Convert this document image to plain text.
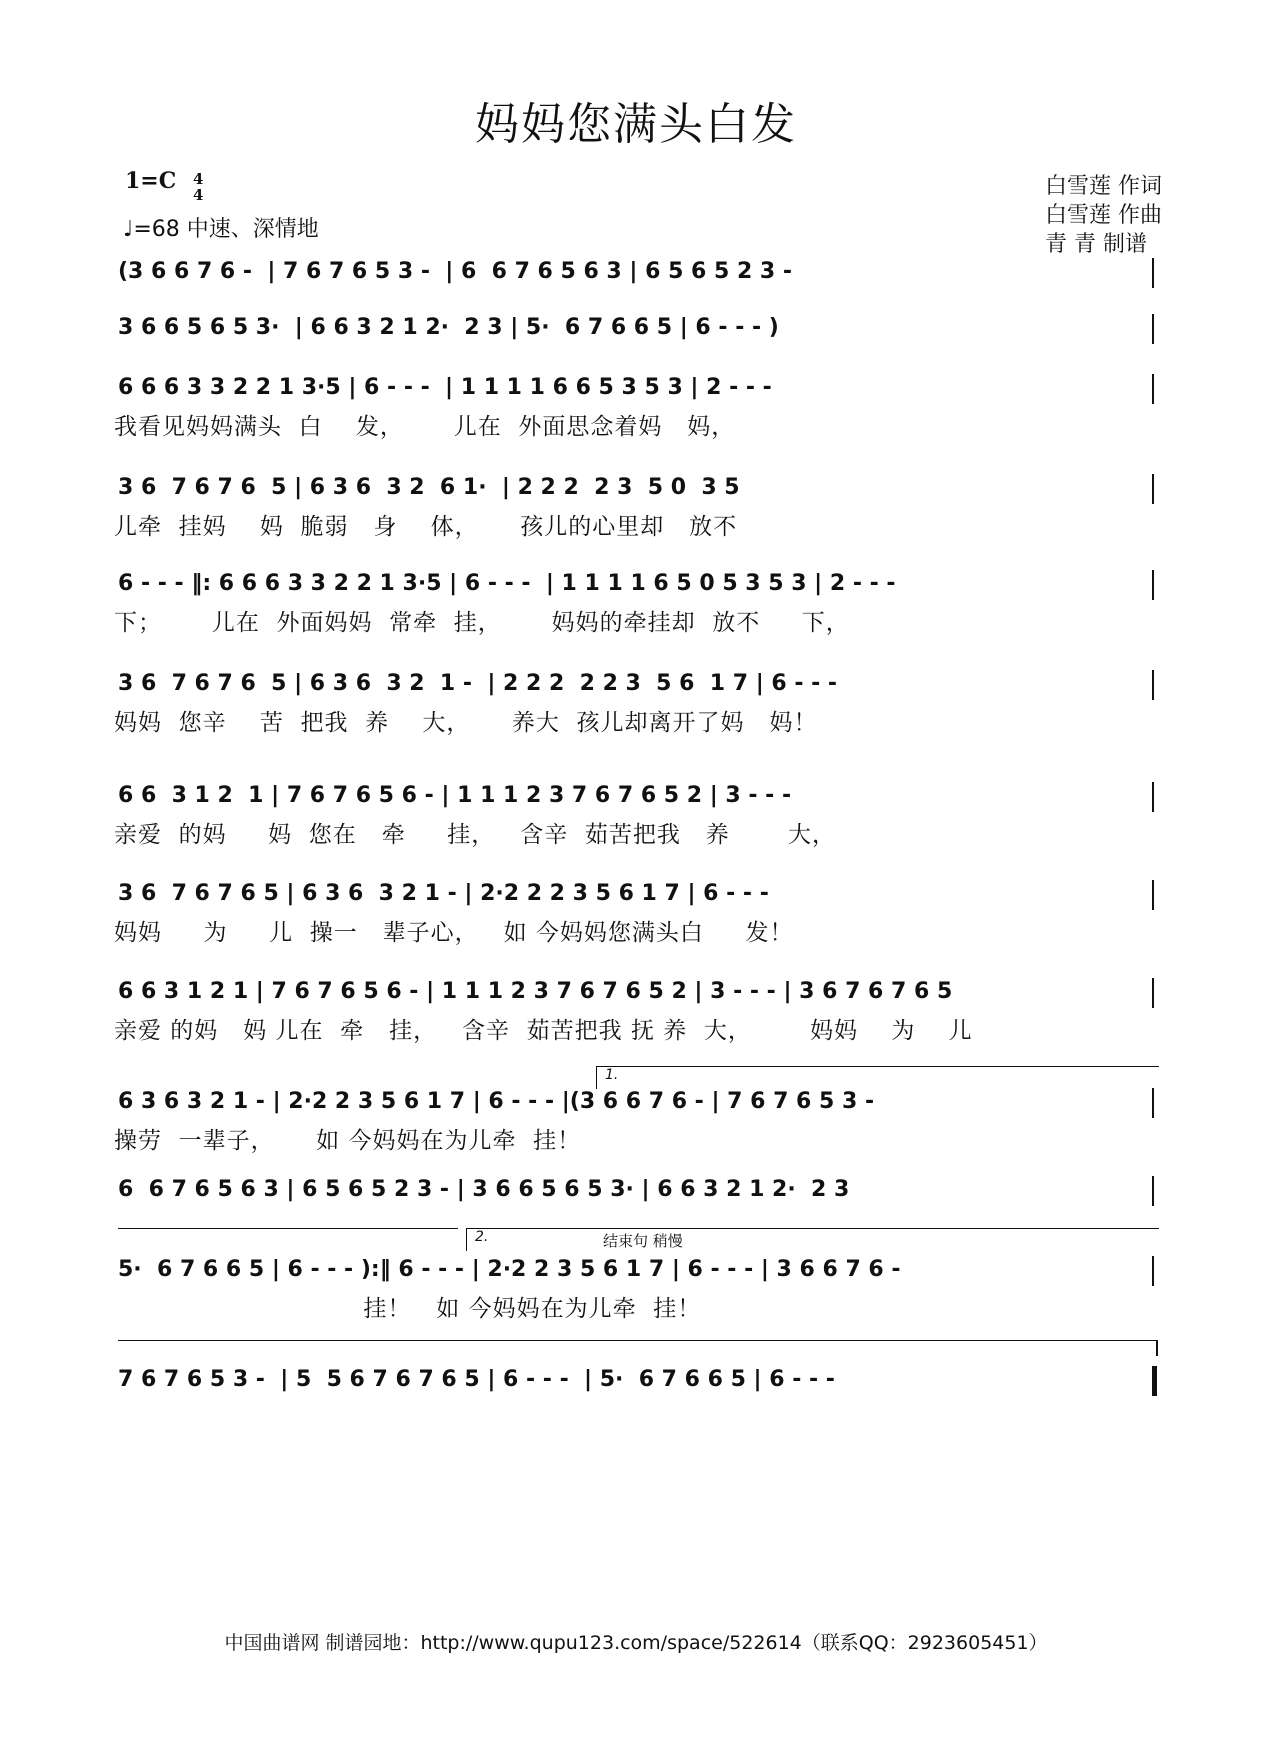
妈妈您满头白发
1=C 4
4
♩=68 中速、深情地
白雪莲 作词
白雪莲 作曲
青 青 制谱
(3 6 6 7 6 -  | 7 6 7 6 5 3 -  | 6  6 7 6 5 6 3 | 6 5 6 5 2 3 -
3 6 6 5 6 5 3·  | 6 6 3 2 1 2·  2 3 | 5·  6 7 6 6 5 | 6 - - - )
6 6 6 3 3 2 2 1 3·5 | 6 - - -  | 1 1 1 1 6 6 5 3 5 3 | 2 - - -
我看见妈妈满头  白    发，      儿在  外面思念着妈   妈，
3 6  7 6 7 6  5 | 6 3 6  3 2  6 1·  | 2 2 2  2 3  5 0  3 5
儿牵  挂妈    妈  脆弱   身    体，     孩儿的心里却   放不
6 - - - ‖: 6 6 6 3 3 2 2 1 3·5 | 6 - - -  | 1 1 1 1 6 5 0 5 3 5 3 | 2 - - -
下；      儿在  外面妈妈  常牵  挂，      妈妈的牵挂却  放不     下，
3 6  7 6 7 6  5 | 6 3 6  3 2  1 -  | 2 2 2  2 2 3  5 6  1 7 | 6 - - -
妈妈  您辛    苦  把我  养    大，     养大  孩儿却离开了妈   妈！
6 6  3 1 2  1 | 7 6 7 6 5 6 - | 1 1 1 2 3 7 6 7 6 5 2 | 3 - - -
亲爱  的妈     妈  您在   牵     挂，   含辛  茹苦把我   养       大，
3 6  7 6 7 6 5 | 6 3 6  3 2 1 - | 2·2 2 2 3 5 6 1 7 | 6 - - -
妈妈     为     儿  操一   辈子心，   如 今妈妈您满头白     发！
6 6 3 1 2 1 | 7 6 7 6 5 6 - | 1 1 1 2 3 7 6 7 6 5 2 | 3 - - - | 3 6 7 6 7 6 5
亲爱 的妈   妈 儿在  牵   挂，   含辛  茹苦把我 抚 养  大，       妈妈    为    儿
1.
6 3 6 3 2 1 - | 2·2 2 3 5 6 1 7 | 6 - - - |(3 6 6 7 6 - | 7 6 7 6 5 3 -
操劳  一辈子，     如 今妈妈在为儿牵  挂！
6  6 7 6 5 6 3 | 6 5 6 5 2 3 - | 3 6 6 5 6 5 3· | 6 6 3 2 1 2·  2 3
2.	结束句 稍慢
5·  6 7 6 6 5 | 6 - - - ):‖ 6 - - - | 2·2 2 3 5 6 1 7 | 6 - - - | 3 6 6 7 6 -
挂！   如 今妈妈在为儿牵  挂！
7 6 7 6 5 3 -  | 5  5 6 7 6 7 6 5 | 6 - - -  | 5·  6 7 6 6 5 | 6 - - -
中国曲谱网 制谱园地：http://www.qupu123.com/space/522614（联系QQ：2923605451）
